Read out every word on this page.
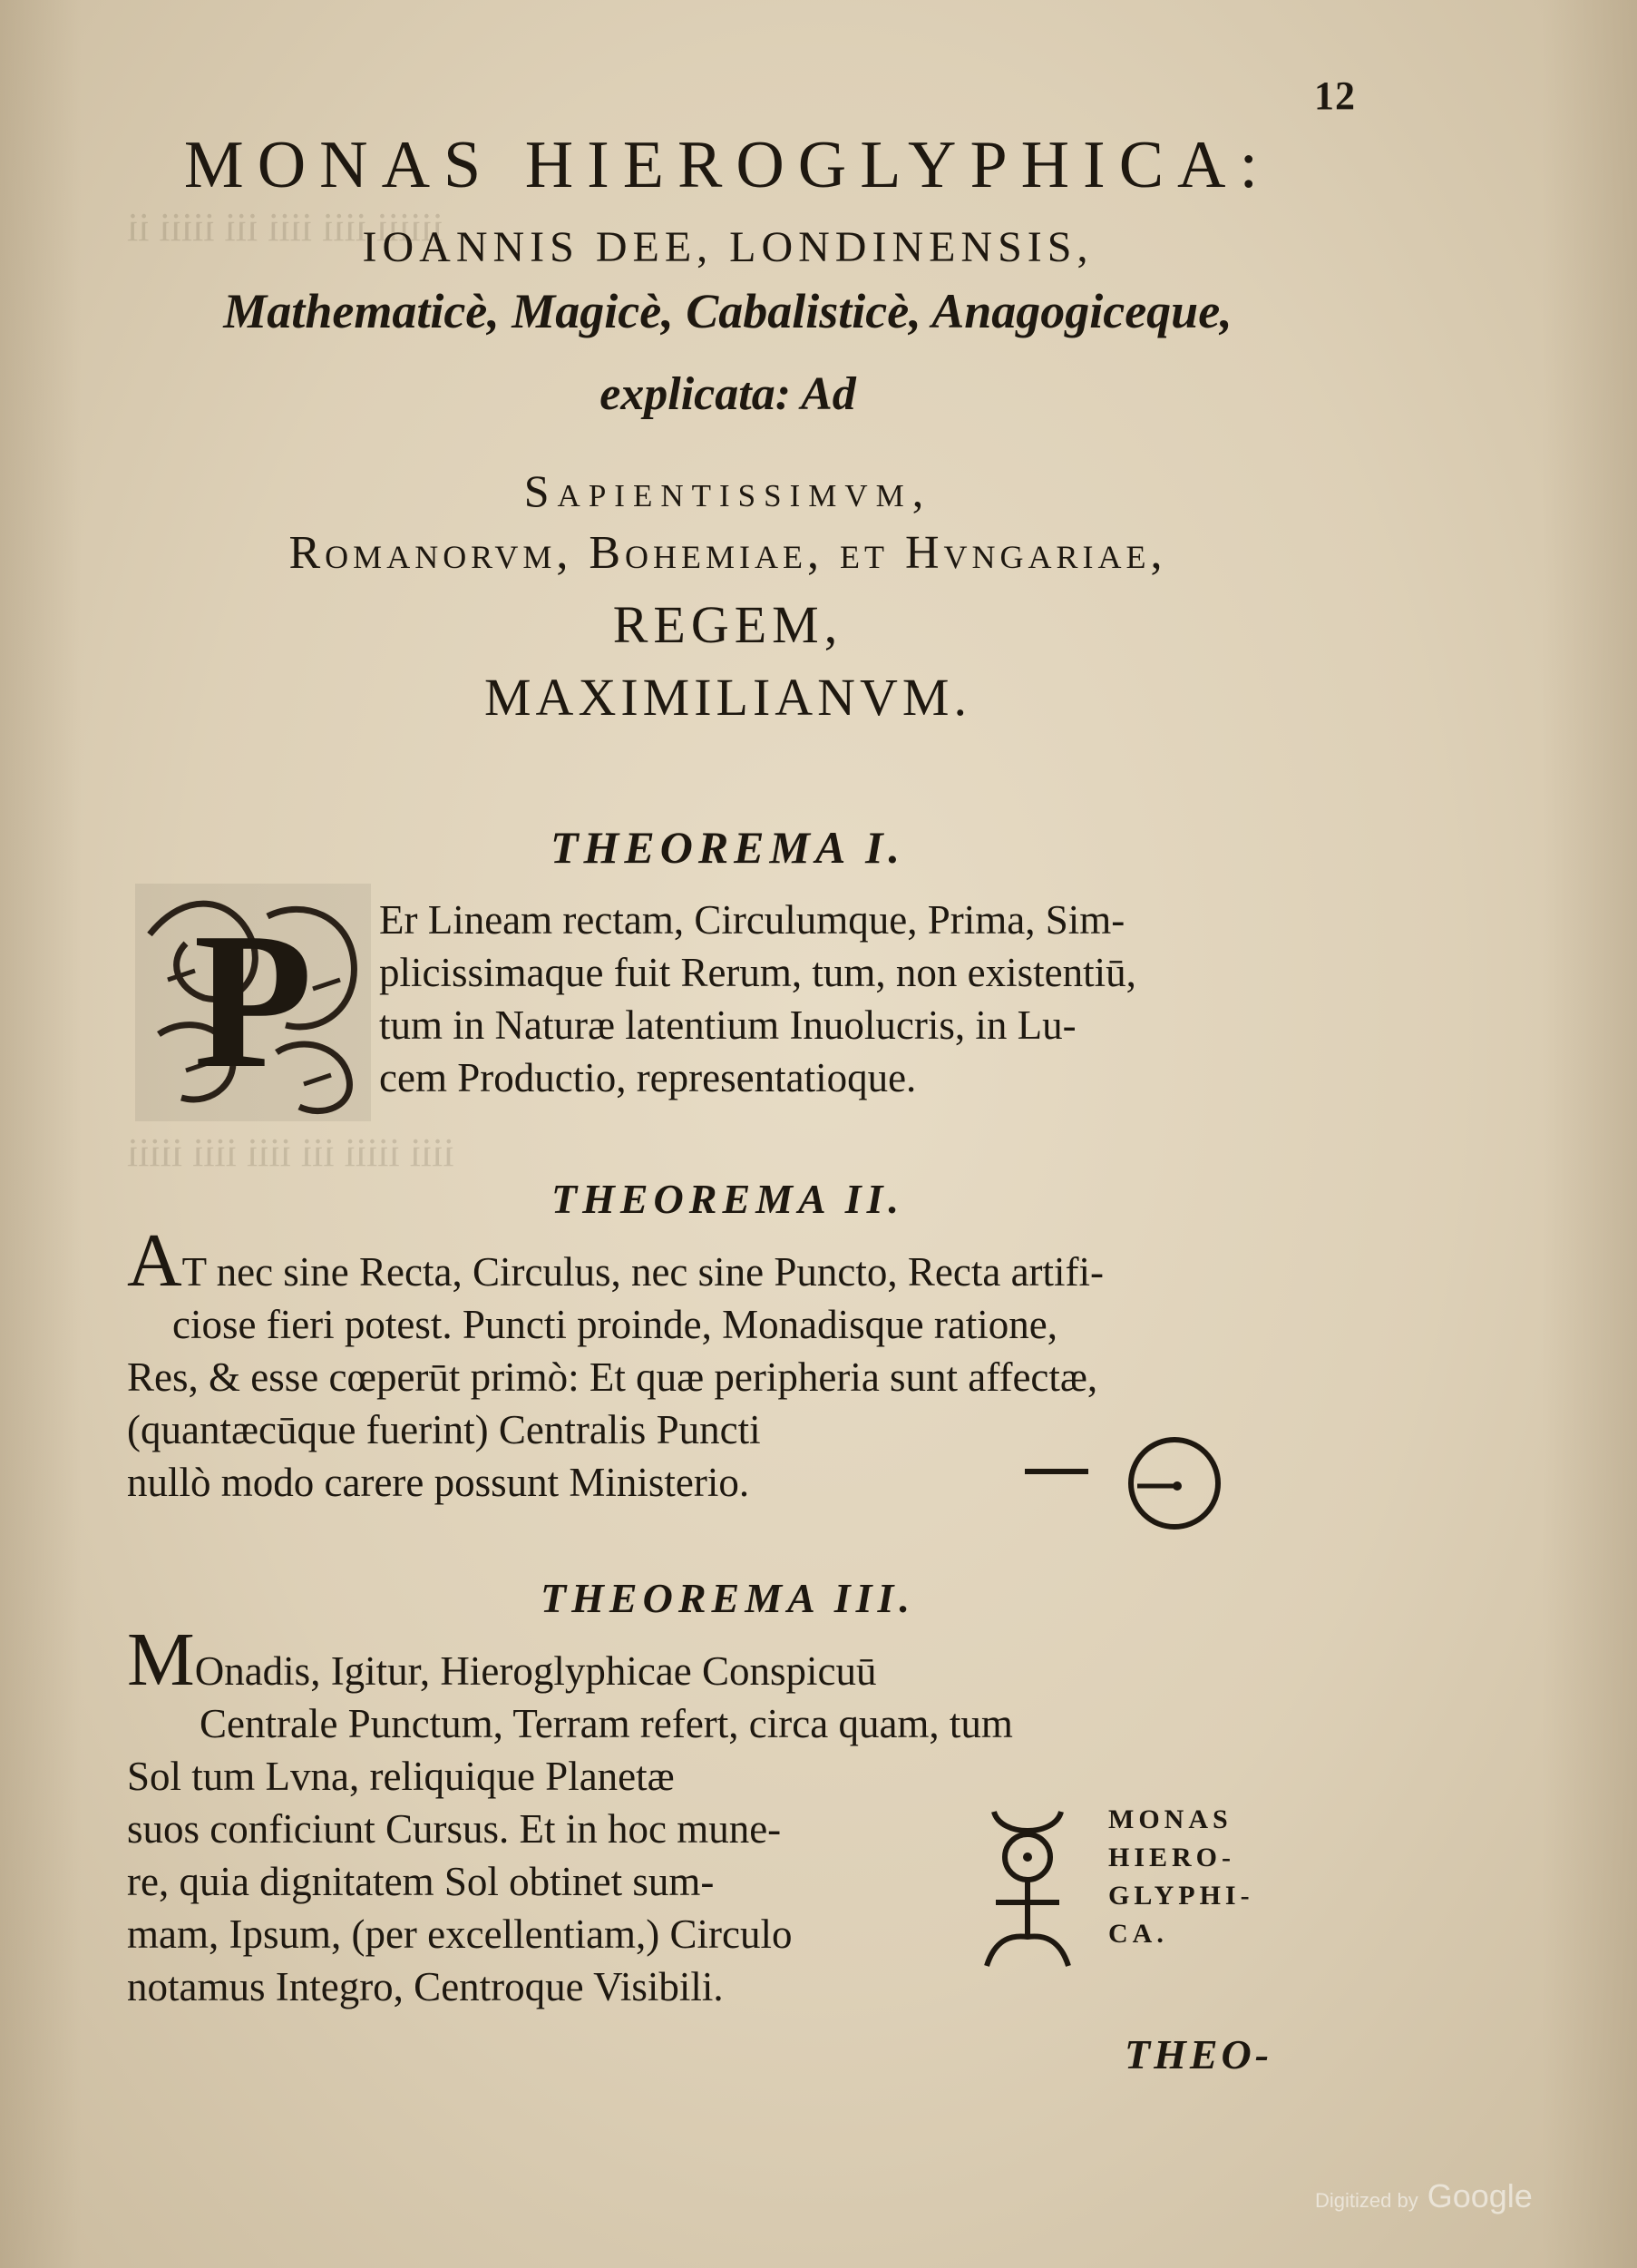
iiiiii iiii iiii iii iiiii ii
iiii iiiii iii iiii iiii iiiii
12
MONAS HIEROGLYPHICA:
IOANNIS DEE, LONDINENSIS,
Mathematicè, Magicè, Cabalisticè, Anagogiceque,
explicata: Ad
Sapientissimvm,
Romanorvm, Bohemiae, et Hvngariae,
REGEM,
MAXIMILIANVM.
THEOREMA I.
P Er Lineam rectam, Circulumque, Prima, Sim-
plicissimaque fuit Rerum, tum, non existentiū,
tum in Naturæ latentium Inuolucris, in Lu-
cem Productio, representatioque.
THEOREMA II.
AT nec sine Recta, Circulus, nec sine Puncto, Recta artifi-
ciose fieri potest. Puncti proinde, Monadisque ratione,
Res, & esse cœperūt primò: Et quæ peripheria sunt affectæ,
(quantæcūque fuerint) Centralis Puncti
nullò modo carere possunt Ministerio.
THEOREMA III.
MOnadis, Igitur, Hieroglyphicae Conspicuū
Centrale Punctum, Terram refert, circa quam, tum
Sol tum Lvna, reliquique Planetæ
suos conficiunt Cursus. Et in hoc mune-
re, quia dignitatem Sol obtinet sum-
mam, Ipsum, (per excellentiam,) Circulo
notamus Integro, Centroque Visibili.
MONAS
HIERO-
GLYPHI-
CA.
THEO-
Digitized by Google
